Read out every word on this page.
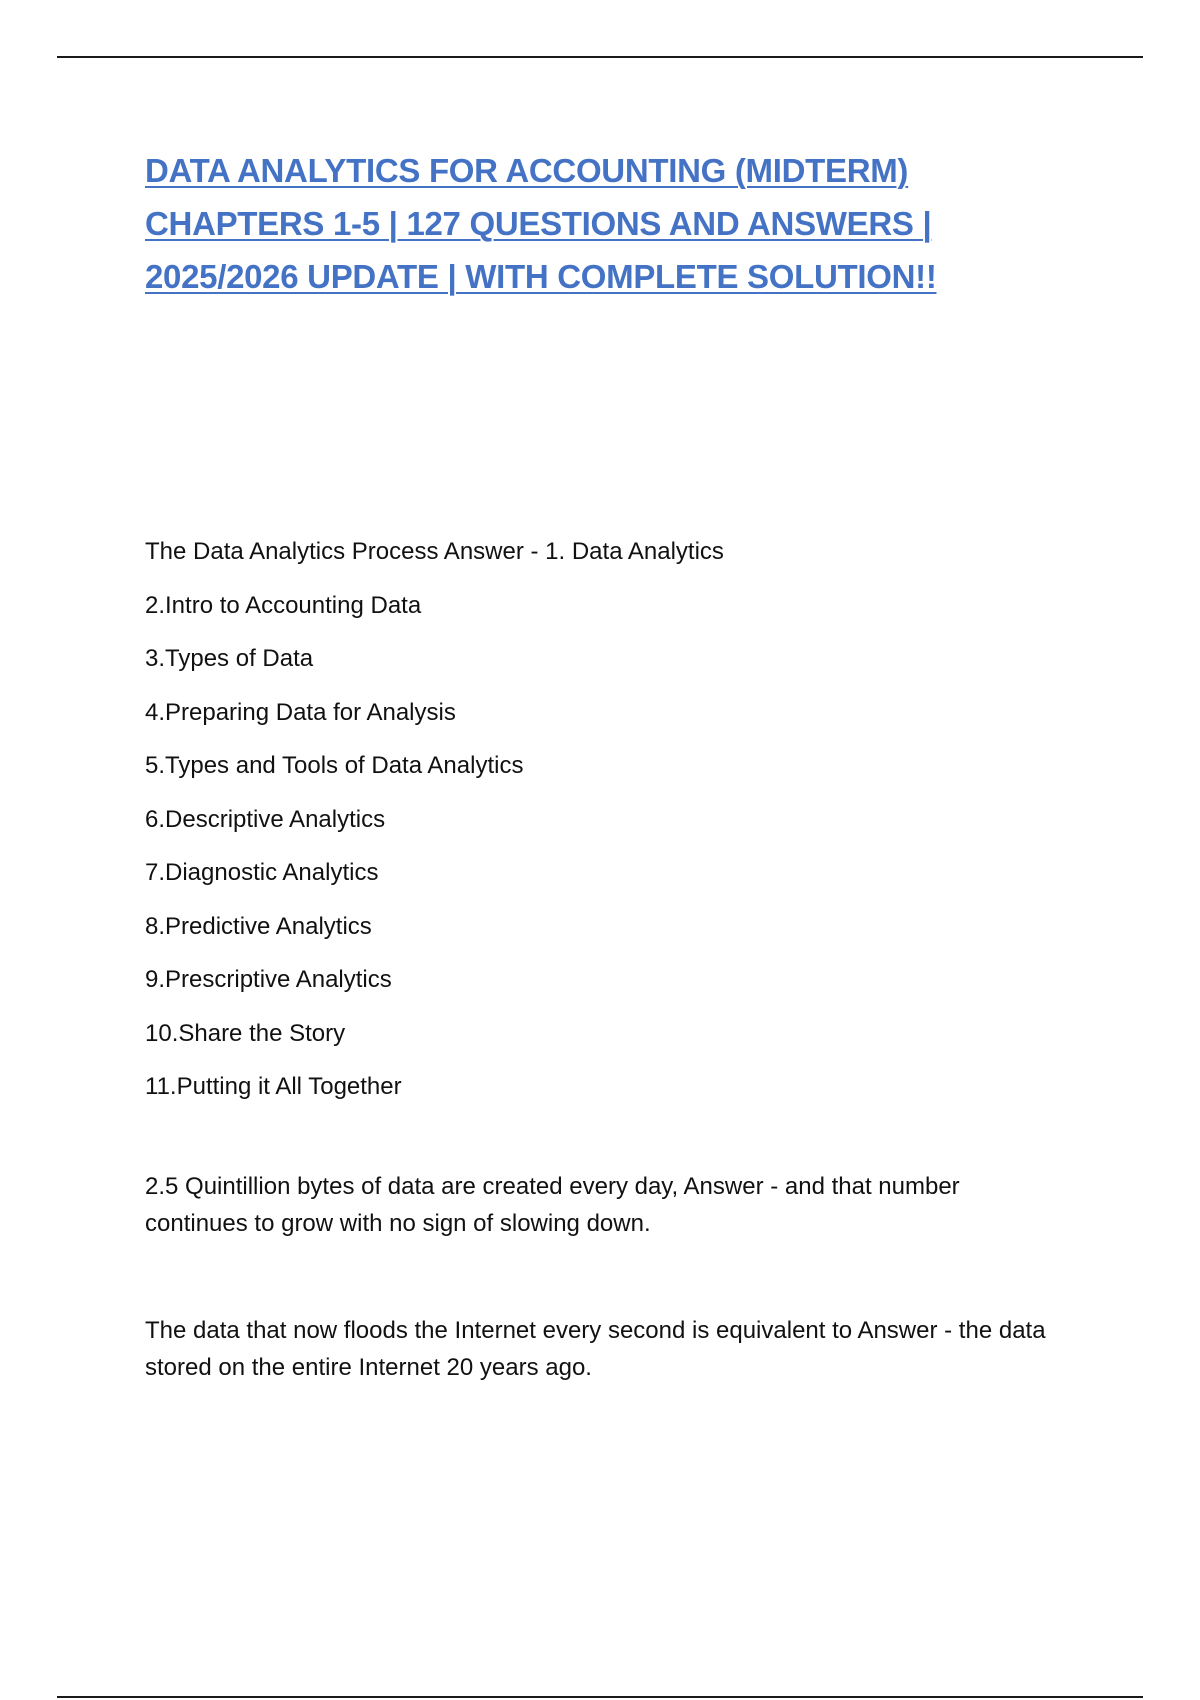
DATA ANALYTICS FOR ACCOUNTING (MIDTERM)
CHAPTERS 1-5 | 127 QUESTIONS AND ANSWERS |
2025/2026 UPDATE | WITH COMPLETE SOLUTION!!
The Data Analytics Process Answer - 1. Data Analytics
2.Intro to Accounting Data
3.Types of Data
4.Preparing Data for Analysis
5.Types and Tools of Data Analytics
6.Descriptive Analytics
7.Diagnostic Analytics
8.Predictive Analytics
9.Prescriptive Analytics
10.Share the Story
11.Putting it All Together

2.5 Quintillion bytes of data are created every day, Answer - and that number continues to grow with no sign of slowing down.

The data that now floods the Internet every second is equivalent to Answer - the data stored on the entire Internet 20 years ago.
